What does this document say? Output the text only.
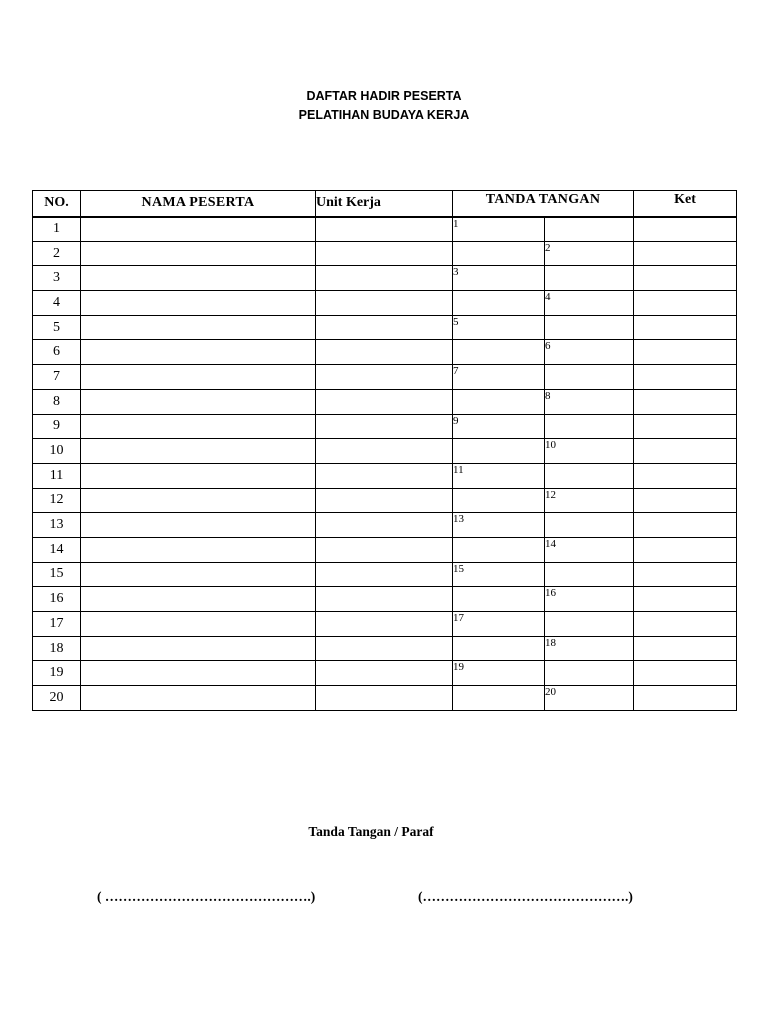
DAFTAR HADIR PESERTA
PELATIHAN BUDAYA KERJA
NO.	NAMA PESERTA	Unit Kerja	TANDA TANGAN		Ket
1			1		
2				2	
3			3		
4				4	
5			5		
6				6	
7			7		
8				8	
9			9		
10				10	
11			11		
12				12	
13			13		
14				14	
15			15		
16				16	
17			17		
18				18	
19			19		
20				20	
Tanda Tangan / Paraf
( ……………………………………….)	(……………………………………….)
